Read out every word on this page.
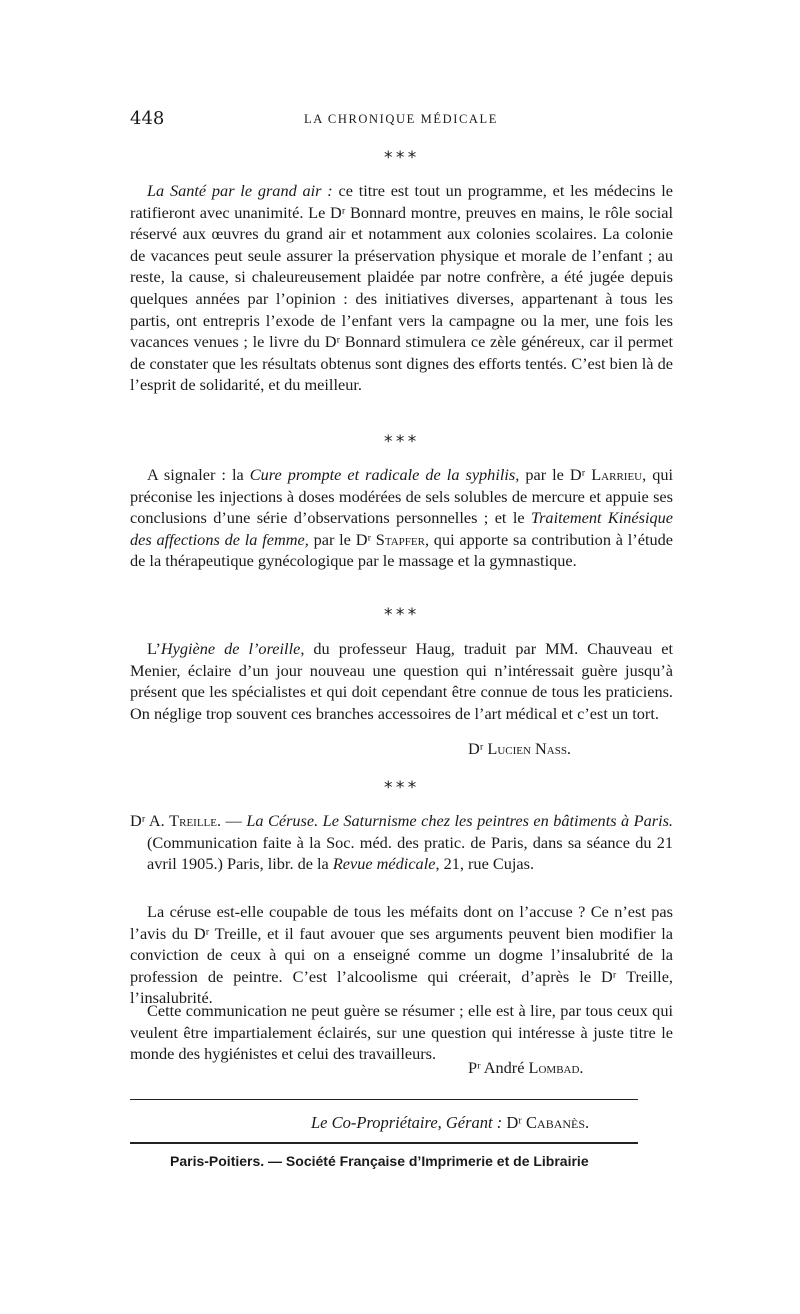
448	LA CHRONIQUE MÉDICALE
* * *

La Santé par le grand air : ce titre est tout un programme, et les médecins le ratifieront avec unanimité. Le Dʳ Bonnard montre, preuves en mains, le rôle social réservé aux œuvres du grand air et notamment aux colonies scolaires. La colonie de vacances peut seule assurer la préservation physique et morale de l’enfant ; au reste, la cause, si chaleureusement plaidée par notre confrère, a été jugée depuis quelques années par l’opinion : des initiatives diverses, appartenant à tous les partis, ont entrepris l’exode de l’enfant vers la campagne ou la mer, une fois les vacances venues ; le livre du Dʳ Bonnard stimulera ce zèle généreux, car il permet de constater que les résultats obtenus sont dignes des efforts tentés. C’est bien là de l’esprit de solidarité, et du meilleur.

* * *

A signaler : la Cure prompte et radicale de la syphilis, par le Dʳ Larrieu, qui préconise les injections à doses modérées de sels solubles de mercure et appuie ses conclusions d’une série d’observations personnelles ; et le Traitement Kinésique des affections de la femme, par le Dʳ Stapfer, qui apporte sa contribution à l’étude de la thérapeutique gynécologique par le massage et la gymnastique.

* * *

L’Hygiène de l’oreille, du professeur Haug, traduit par MM. Chauveau et Menier, éclaire d’un jour nouveau une question qui n’intéressait guère jusqu’à présent que les spécialistes et qui doit cependant être connue de tous les praticiens. On néglige trop souvent ces branches accessoires de l’art médical et c’est un tort.

Dʳ Lucien Nass.
* * *

Dʳ A. Treille. — La Céruse. Le Saturnisme chez les peintres en bâtiments à Paris. (Communication faite à la Soc. méd. des pratic. de Paris, dans sa séance du 21 avril 1905.) Paris, libr. de la Revue médicale, 21, rue Cujas.

La céruse est-elle coupable de tous les méfaits dont on l’accuse ? Ce n’est pas l’avis du Dʳ Treille, et il faut avouer que ses arguments peuvent bien modifier la conviction de ceux à qui on a enseigné comme un dogme l’insalubrité de la profession de peintre. C’est l’alcoolisme qui créerait, d’après le Dʳ Treille, l’insalubrité.

Cette communication ne peut guère se résumer ; elle est à lire, par tous ceux qui veulent être impartialement éclairés, sur une question qui intéresse à juste titre le monde des hygiénistes et celui des travailleurs.

Pʳ André Lombad.
Le Co-Propriétaire, Gérant : Dʳ Cabanès.
Paris-Poitiers. — Société Française d’Imprimerie et de Librairie
